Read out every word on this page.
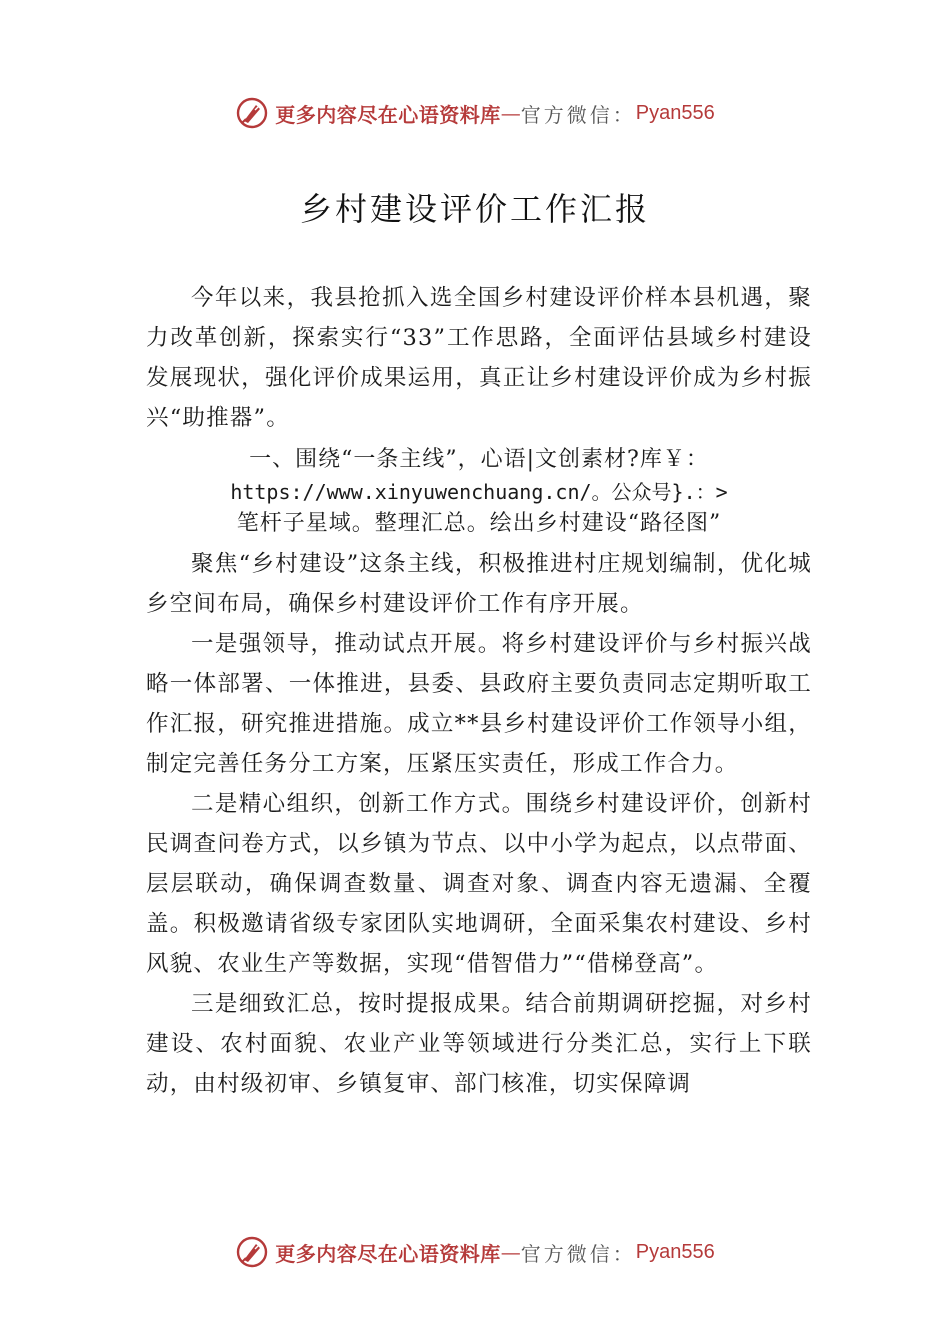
更多内容尽在心语资料库 — 官方微信： Pyan556
乡村建设评价工作汇报

今年以来，我县抢抓入选全国乡村建设评价样本县机遇，聚力改革创新，探索实行“33”工作思路，全面评估县域乡村建设发展现状，强化评价成果运用，真正让乡村建设评价成为乡村振兴“助推器”。

一、围绕“一条主线”，心语|文创素材?库￥：
https://www.xinyuwenchuang.cn/。公众号}.：>
笔杆子星域。整理汇总。绘出乡村建设“路径图”

聚焦“乡村建设”这条主线，积极推进村庄规划编制，优化城乡空间布局，确保乡村建设评价工作有序开展。

一是强领导，推动试点开展。将乡村建设评价与乡村振兴战略一体部署、一体推进，县委、县政府主要负责同志定期听取工作汇报，研究推进措施。成立**县乡村建设评价工作领导小组，制定完善任务分工方案，压紧压实责任，形成工作合力。

二是精心组织，创新工作方式。围绕乡村建设评价，创新村民调查问卷方式，以乡镇为节点、以中小学为起点，以点带面、层层联动，确保调查数量、调查对象、调查内容无遗漏、全覆盖。积极邀请省级专家团队实地调研，全面采集农村建设、乡村风貌、农业生产等数据，实现“借智借力”“借梯登高”。

三是细致汇总，按时提报成果。结合前期调研挖掘，对乡村建设、农村面貌、农业产业等领域进行分类汇总，实行上下联动，由村级初审、乡镇复审、部门核准，切实保障调

更多内容尽在心语资料库 — 官方微信： Pyan556
